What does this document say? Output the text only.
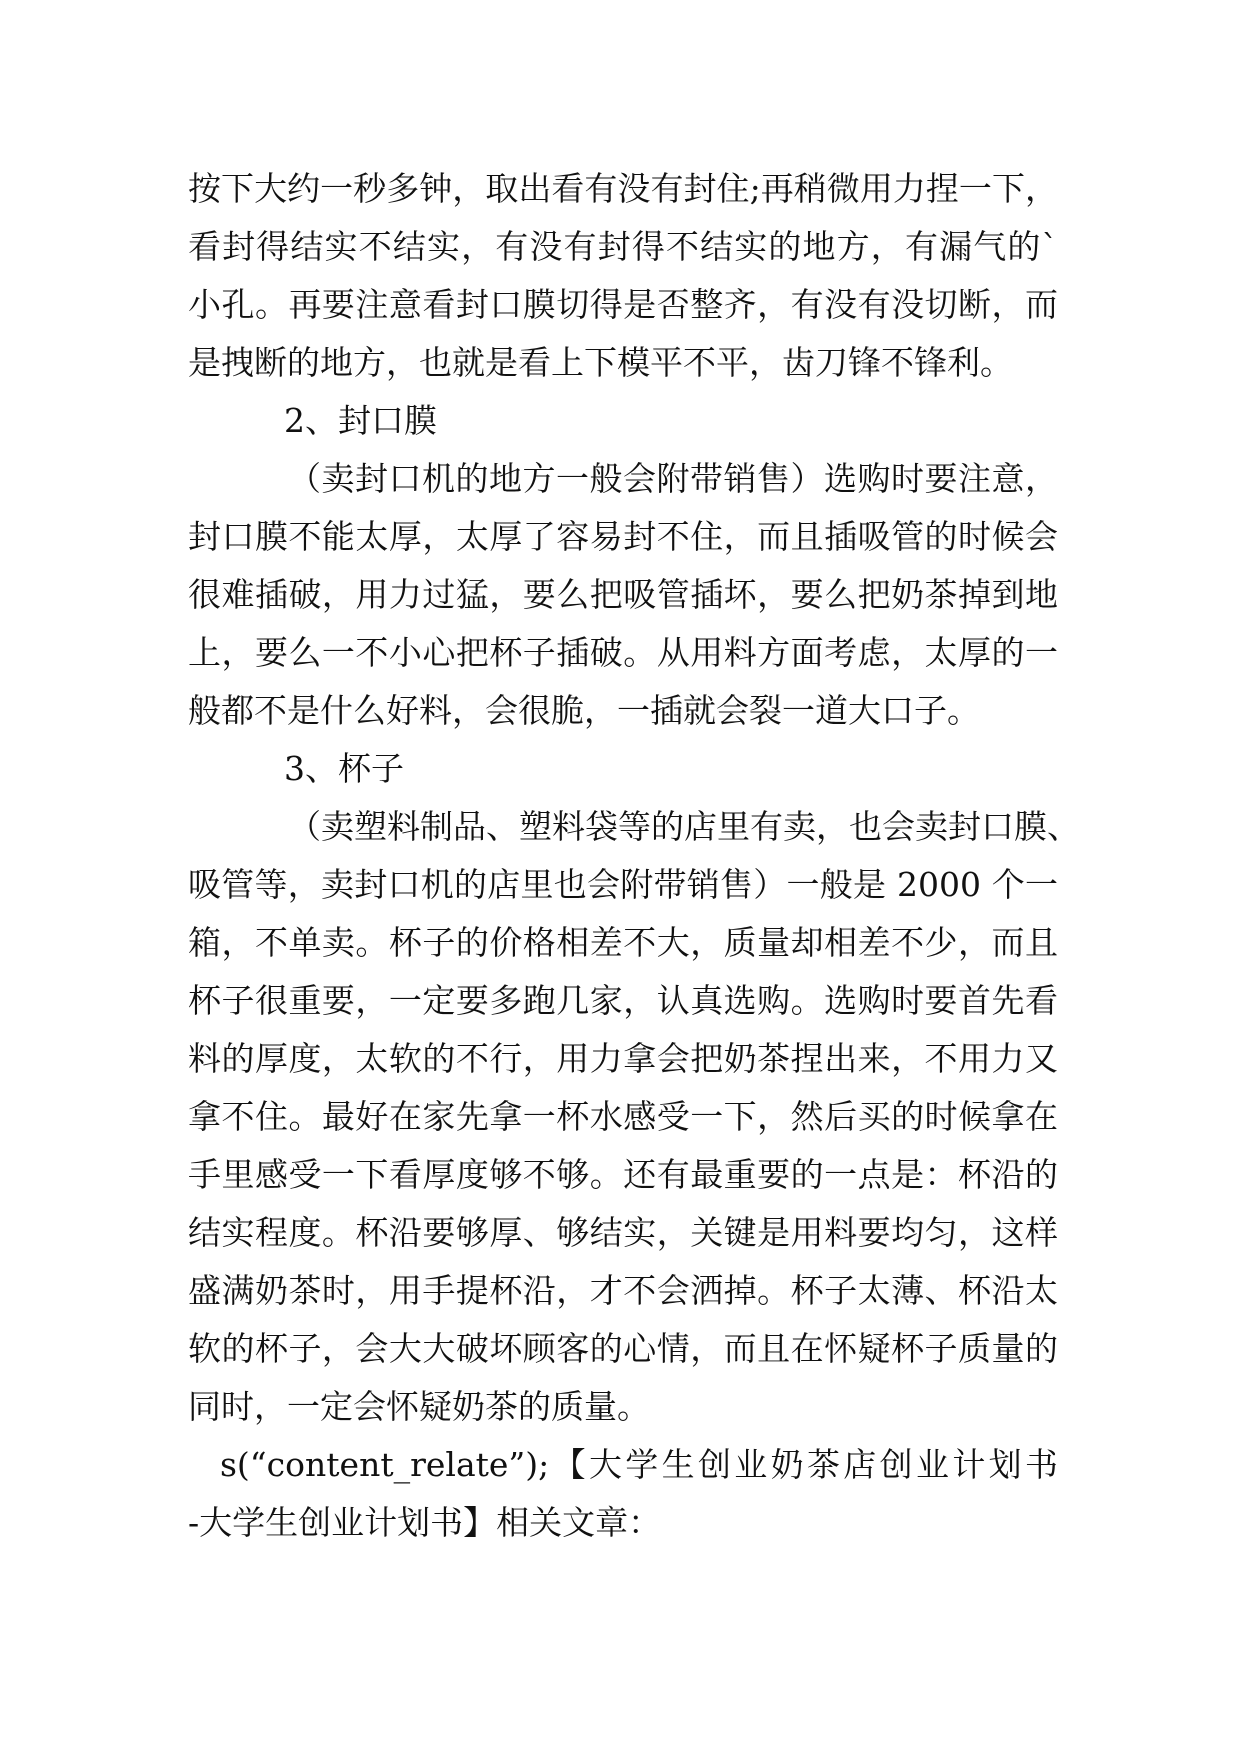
按下大约一秒多钟，取出看有没有封住;再稍微用力捏一下，
看封得结实不结实，有没有封得不结实的地方，有漏气的`
小孔。再要注意看封口膜切得是否整齐，有没有没切断，而
是拽断的地方，也就是看上下模平不平，齿刀锋不锋利。
2、封口膜
（卖封口机的地方一般会附带销售）选购时要注意，
封口膜不能太厚，太厚了容易封不住，而且插吸管的时候会
很难插破，用力过猛，要么把吸管插坏，要么把奶茶掉到地
上，要么一不小心把杯子插破。从用料方面考虑，太厚的一
般都不是什么好料，会很脆，一插就会裂一道大口子。
3、杯子
（卖塑料制品、塑料袋等的店里有卖，也会卖封口膜、
吸管等，卖封口机的店里也会附带销售）一般是 2000 个一
箱，不单卖。杯子的价格相差不大，质量却相差不少，而且
杯子很重要，一定要多跑几家，认真选购。选购时要首先看
料的厚度，太软的不行，用力拿会把奶茶捏出来，不用力又
拿不住。最好在家先拿一杯水感受一下，然后买的时候拿在
手里感受一下看厚度够不够。还有最重要的一点是：杯沿的
结实程度。杯沿要够厚、够结实，关键是用料要均匀，这样
盛满奶茶时，用手提杯沿，才不会洒掉。杯子太薄、杯沿太
软的杯子，会大大破坏顾客的心情，而且在怀疑杯子质量的
同时，一定会怀疑奶茶的质量。
s(“content_relate”);【大学生创业奶茶店创业计划书
-大学生创业计划书】相关文章：
